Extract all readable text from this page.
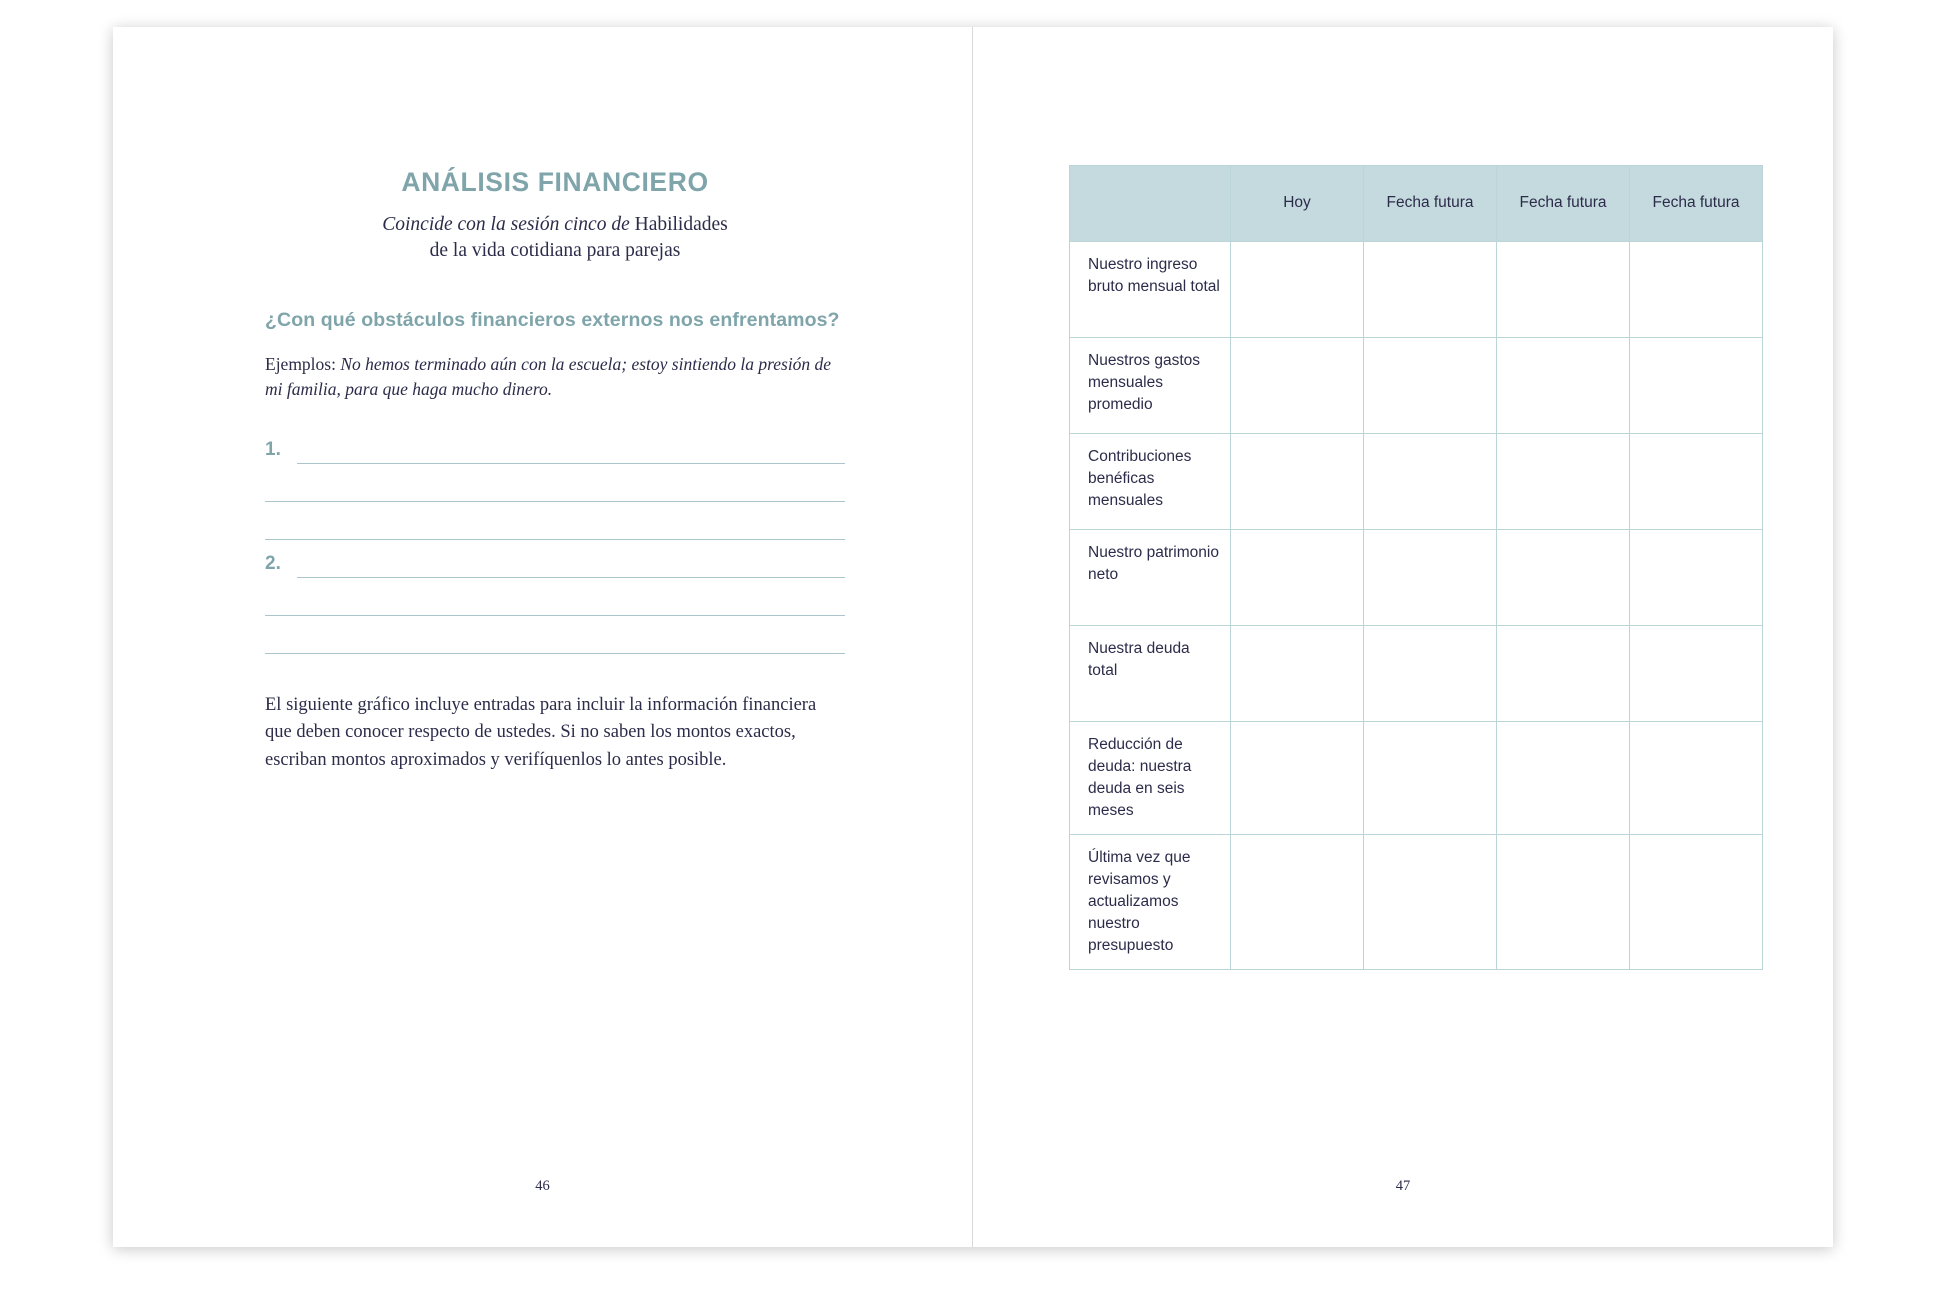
ANÁLISIS FINANCIERO
Coincide con la sesión cinco de Habilidades
de la vida cotidiana para parejas
¿Con qué obstáculos financieros externos nos enfrentamos?
Ejemplos: No hemos terminado aún con la escuela; estoy sintiendo la presión de mi familia, para que haga mucho dinero.
1.
2.
El siguiente gráfico incluye entradas para incluir la información financiera que deben conocer respecto de ustedes. Si no saben los montos exactos, escriban montos aproximados y verifíquenlos lo antes posible.
46
	Hoy	Fecha futura	Fecha futura	Fecha futura
Nuestro ingreso bruto mensual total				
Nuestros gastos mensuales promedio				
Contribuciones benéficas mensuales				
Nuestro patrimonio neto				
Nuestra deuda total				
Reducción de deuda: nuestra deuda en seis meses				
Última vez que revisamos y actualizamos nuestro presupuesto				
47
